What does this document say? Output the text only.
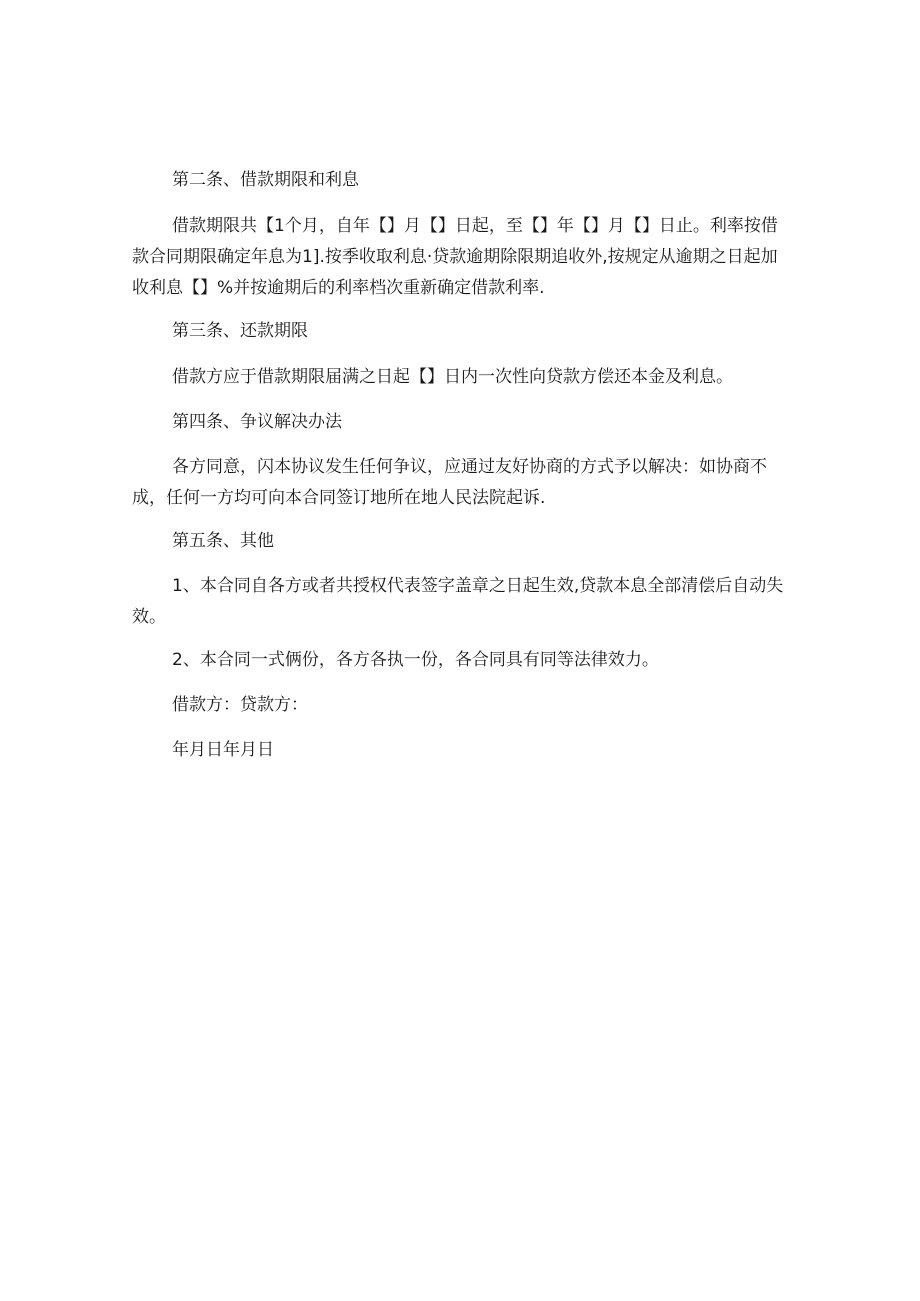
第二条、借款期限和利息

借款期限共【1个月，自年【】月【】日起，至【】年【】月【】日止。利率按借款合同期限确定年息为1].按季收取利息·贷款逾期除限期追收外,按规定从逾期之日起加收利息【】%并按逾期后的利率档次重新确定借款利率.

第三条、还款期限

借款方应于借款期限届满之日起【】日内一次性向贷款方偿还本金及利息。

第四条、争议解决办法

各方同意，闪本协议发生任何争议，应通过友好协商的方式予以解决：如协商不成，任何一方均可向本合同签订地所在地人民法院起诉.

第五条、其他

1、本合同自各方或者共授权代表签字盖章之日起生效,贷款本息全部清偿后自动失效。

2、本合同一式俩份，各方各执一份，各合同具有同等法律效力。

借款方：贷款方：

年月日年月日
